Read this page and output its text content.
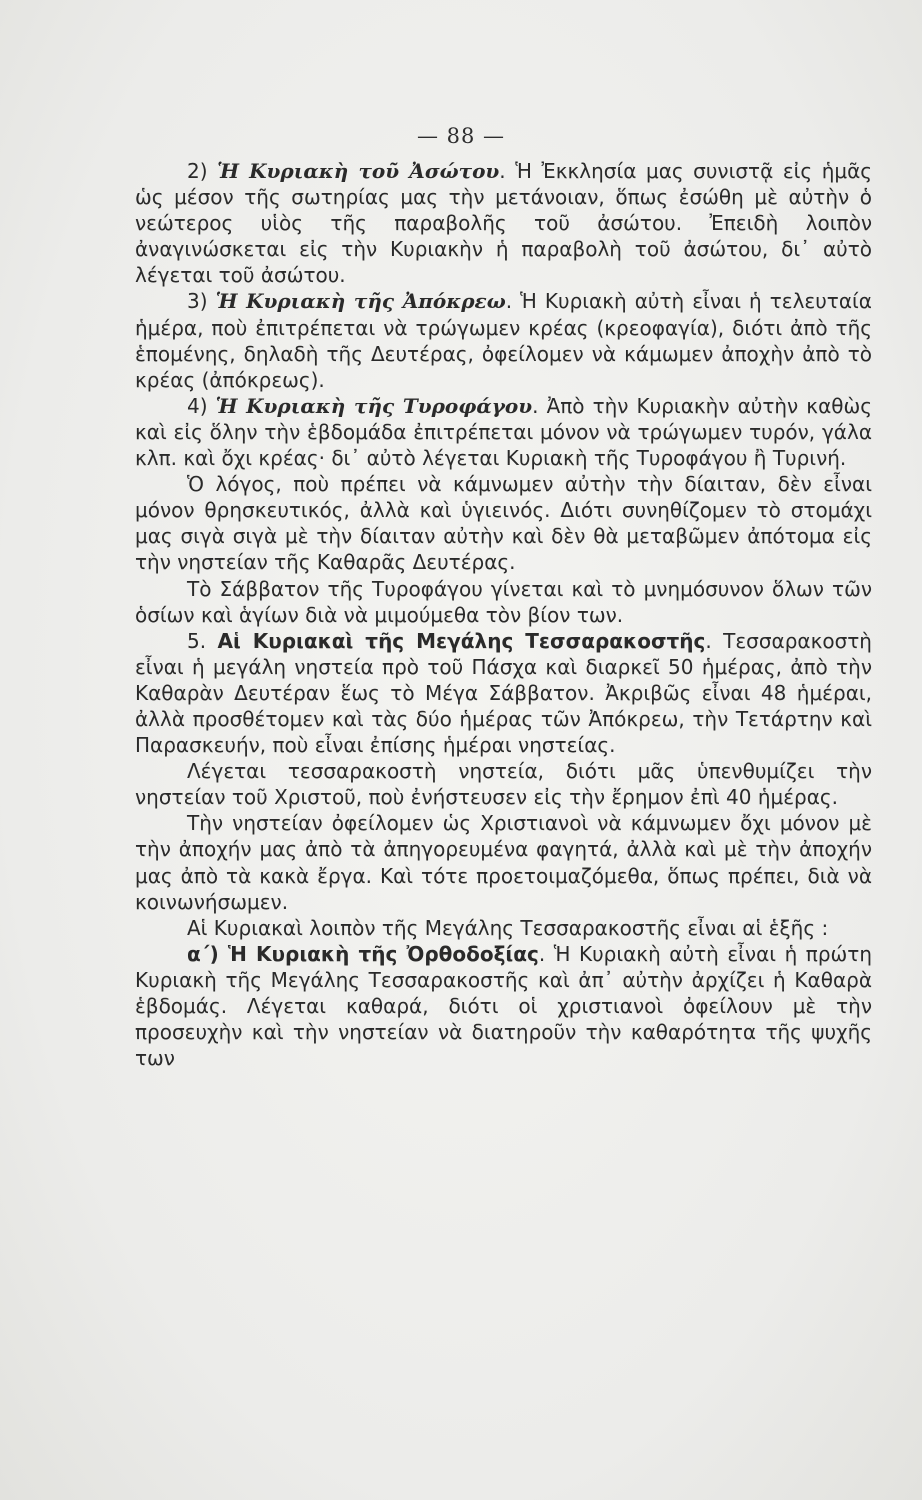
— 88 —

2) Ἡ Κυριακὴ τοῦ Ἀσώτου. Ἡ Ἐκκλησία μας συνιστᾷ εἰς ἡμᾶς ὡς μέσον τῆς σωτηρίας μας τὴν μετάνοιαν, ὅπως ἐσώθη μὲ αὐτὴν ὁ νεώτερος υἱὸς τῆς παραβολῆς τοῦ ἀσώτου. Ἐπειδὴ λοιπὸν ἀναγινώσκεται εἰς τὴν Κυριακὴν ἡ παραβολὴ τοῦ ἀσώτου, δι᾽ αὐτὸ λέγεται τοῦ ἀσώτου.

3) Ἡ Κυριακὴ τῆς Ἀπόκρεω. Ἡ Κυριακὴ αὐτὴ εἶναι ἡ τελευταία ἡμέρα, ποὺ ἐπιτρέπεται νὰ τρώγωμεν κρέας (κρεοφαγία), διότι ἀπὸ τῆς ἑπομένης, δηλαδὴ τῆς Δευτέρας, ὀφείλομεν νὰ κάμωμεν ἀποχὴν ἀπὸ τὸ κρέας (ἀπόκρεως).

4) Ἡ Κυριακὴ τῆς Τυροφάγου. Ἀπὸ τὴν Κυριακὴν αὐτὴν καθὼς καὶ εἰς ὅλην τὴν ἑβδομάδα ἐπιτρέπεται μόνον νὰ τρώγωμεν τυρόν, γάλα κλπ. καὶ ὄχι κρέας· δι᾽ αὐτὸ λέγεται Κυριακὴ τῆς Τυροφάγου ἢ Τυρινή.

Ὁ λόγος, ποὺ πρέπει νὰ κάμνωμεν αὐτὴν τὴν δίαιταν, δὲν εἶναι μόνον θρησκευτικός, ἀλλὰ καὶ ὑγιεινός. Διότι συνηθίζομεν τὸ στομάχι μας σιγὰ σιγὰ μὲ τὴν δίαιταν αὐτὴν καὶ δὲν θὰ μεταβῶμεν ἀπότομα εἰς τὴν νηστείαν τῆς Καθαρᾶς Δευτέρας.

Τὸ Σάββατον τῆς Τυροφάγου γίνεται καὶ τὸ μνημόσυνον ὅλων τῶν ὁσίων καὶ ἁγίων διὰ νὰ μιμούμεθα τὸν βίον των.

5. Αἱ Κυριακαὶ τῆς Μεγάλης Τεσσαρακοστῆς. Τεσσαρακοστὴ εἶναι ἡ μεγάλη νηστεία πρὸ τοῦ Πάσχα καὶ διαρκεῖ 50 ἡμέρας, ἀπὸ τὴν Καθαρὰν Δευτέραν ἕως τὸ Μέγα Σάββατον. Ἀκριβῶς εἶναι 48 ἡμέραι, ἀλλὰ προσθέτομεν καὶ τὰς δύο ἡμέρας τῶν Ἀπόκρεω, τὴν Τετάρτην καὶ Παρασκευήν, ποὺ εἶναι ἐπίσης ἡμέραι νηστείας.

Λέγεται τεσσαρακοστὴ νηστεία, διότι μᾶς ὑπενθυμίζει τὴν νηστείαν τοῦ Χριστοῦ, ποὺ ἐνήστευσεν εἰς τὴν ἔρημον ἐπὶ 40 ἡμέρας.

Τὴν νηστείαν ὀφείλομεν ὡς Χριστιανοὶ νὰ κάμνωμεν ὄχι μόνον μὲ τὴν ἀποχήν μας ἀπὸ τὰ ἀπηγορευμένα φαγητά, ἀλλὰ καὶ μὲ τὴν ἀποχήν μας ἀπὸ τὰ κακὰ ἔργα. Καὶ τότε προετοιμαζόμεθα, ὅπως πρέπει, διὰ νὰ κοινωνήσωμεν.

Αἱ Κυριακαὶ λοιπὸν τῆς Μεγάλης Τεσσαρακοστῆς εἶναι αἱ ἑξῆς :

α΄) Ἡ Κυριακὴ τῆς Ὀρθοδοξίας. Ἡ Κυριακὴ αὐτὴ εἶναι ἡ πρώτη Κυριακὴ τῆς Μεγάλης Τεσσαρακοστῆς καὶ ἀπ᾽ αὐτὴν ἀρχίζει ἡ Καθαρὰ ἑβδομάς. Λέγεται καθαρά, διότι οἱ χριστιανοὶ ὀφείλουν μὲ τὴν προσευχὴν καὶ τὴν νηστείαν νὰ διατηροῦν τὴν καθαρότητα τῆς ψυχῆς των
